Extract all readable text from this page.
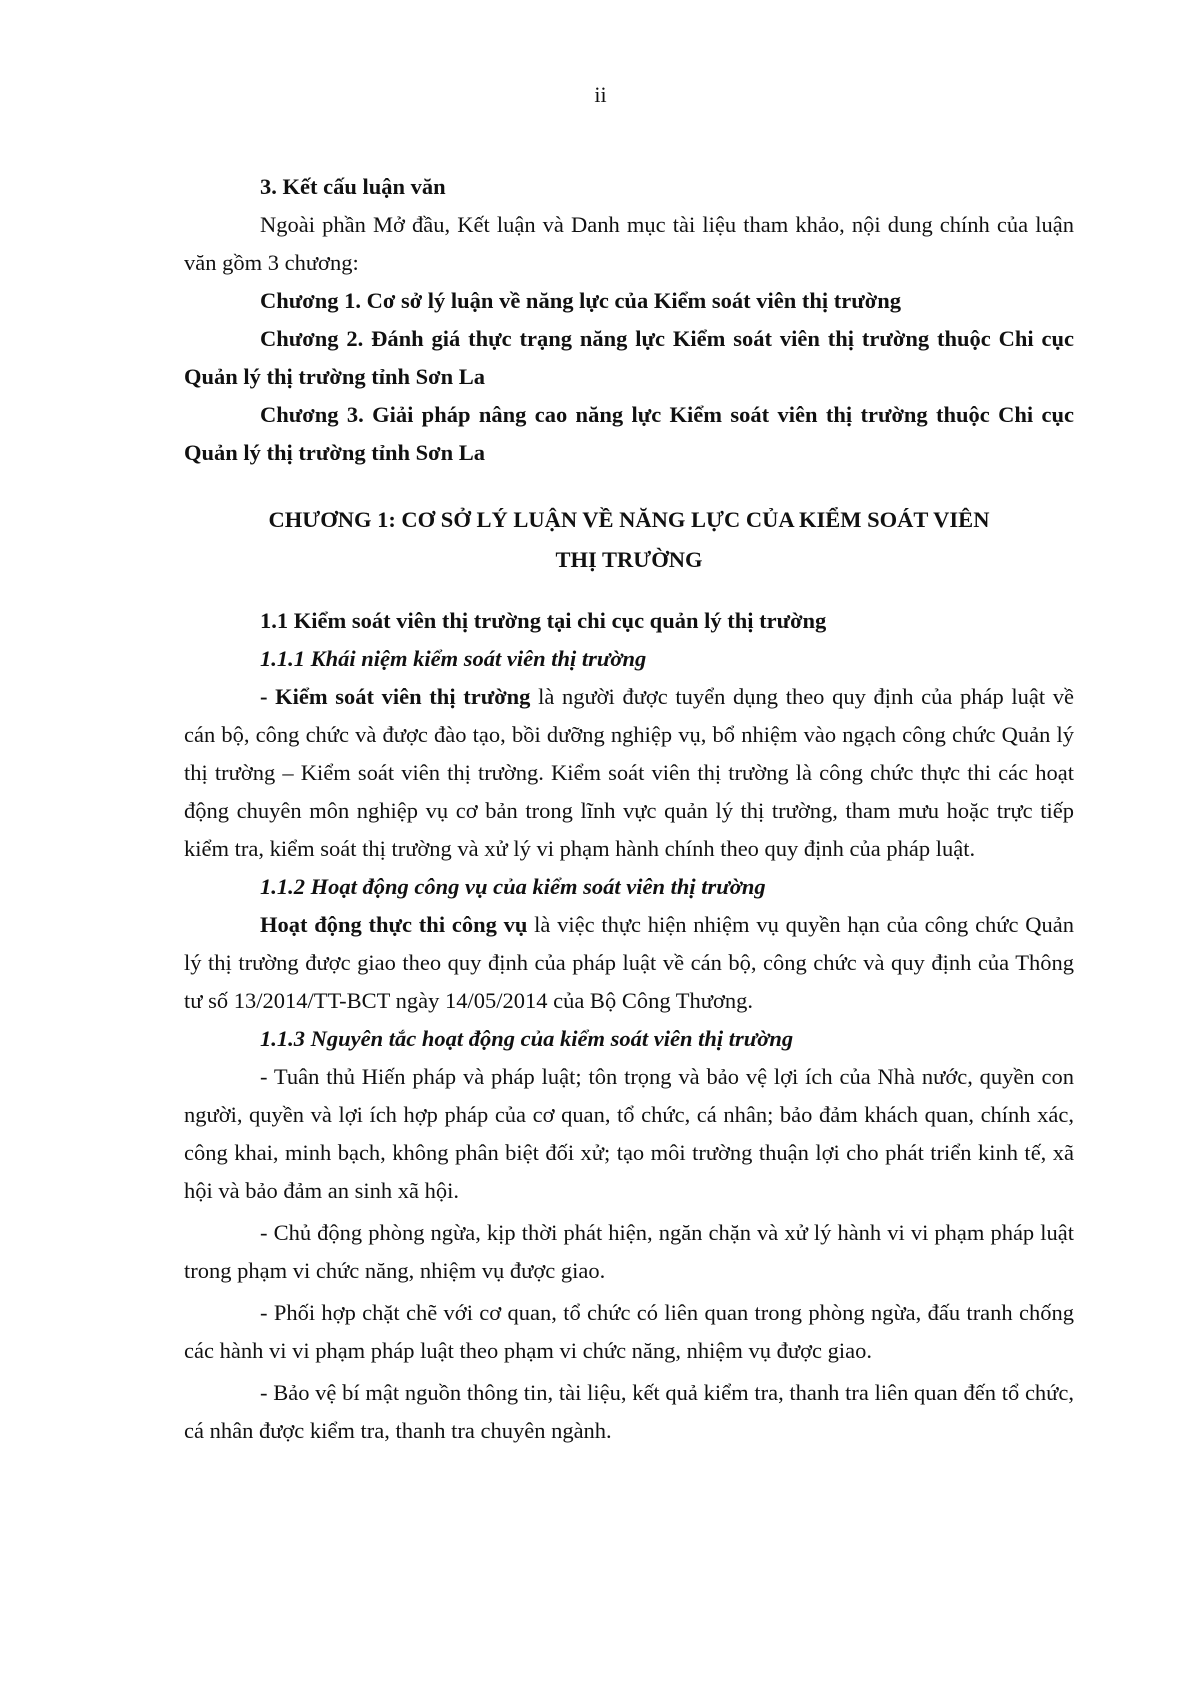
ii

3. Kết cấu luận văn

Ngoài phần Mở đầu, Kết luận và Danh mục tài liệu tham khảo, nội dung chính của luận văn gồm 3 chương:

Chương 1. Cơ sở lý luận về năng lực của Kiểm soát viên thị trường

Chương 2. Đánh giá thực trạng năng lực Kiểm soát viên thị trường thuộc Chi cục Quản lý thị trường tỉnh Sơn La

Chương 3. Giải pháp nâng cao năng lực Kiểm soát viên thị trường thuộc Chi cục Quản lý thị trường tỉnh Sơn La

CHƯƠNG 1: CƠ SỞ LÝ LUẬN VỀ NĂNG LỰC CỦA KIỂM SOÁT VIÊN
THỊ TRƯỜNG

1.1 Kiểm soát viên thị trường tại chi cục quản lý thị trường

1.1.1 Khái niệm kiểm soát viên thị trường

- Kiểm soát viên thị trường là người được tuyển dụng theo quy định của pháp luật về cán bộ, công chức và được đào tạo, bồi dưỡng nghiệp vụ, bổ nhiệm vào ngạch công chức Quản lý thị trường – Kiểm soát viên thị trường. Kiểm soát viên thị trường là công chức thực thi các hoạt động chuyên môn nghiệp vụ cơ bản trong lĩnh vực quản lý thị trường, tham mưu hoặc trực tiếp kiểm tra, kiểm soát thị trường và xử lý vi phạm hành chính theo quy định của pháp luật.

1.1.2 Hoạt động công vụ của kiểm soát viên thị trường

Hoạt động thực thi công vụ là việc thực hiện nhiệm vụ quyền hạn của công chức Quản lý thị trường được giao theo quy định của pháp luật về cán bộ, công chức và quy định của Thông tư số 13/2014/TT-BCT ngày 14/05/2014 của Bộ Công Thương.

1.1.3 Nguyên tắc hoạt động của kiểm soát viên thị trường

- Tuân thủ Hiến pháp và pháp luật; tôn trọng và bảo vệ lợi ích của Nhà nước, quyền con người, quyền và lợi ích hợp pháp của cơ quan, tổ chức, cá nhân; bảo đảm khách quan, chính xác, công khai, minh bạch, không phân biệt đối xử; tạo môi trường thuận lợi cho phát triển kinh tế, xã hội và bảo đảm an sinh xã hội.

- Chủ động phòng ngừa, kịp thời phát hiện, ngăn chặn và xử lý hành vi vi phạm pháp luật trong phạm vi chức năng, nhiệm vụ được giao.

- Phối hợp chặt chẽ với cơ quan, tổ chức có liên quan trong phòng ngừa, đấu tranh chống các hành vi vi phạm pháp luật theo phạm vi chức năng, nhiệm vụ được giao.

- Bảo vệ bí mật nguồn thông tin, tài liệu, kết quả kiểm tra, thanh tra liên quan đến tổ chức, cá nhân được kiểm tra, thanh tra chuyên ngành.
